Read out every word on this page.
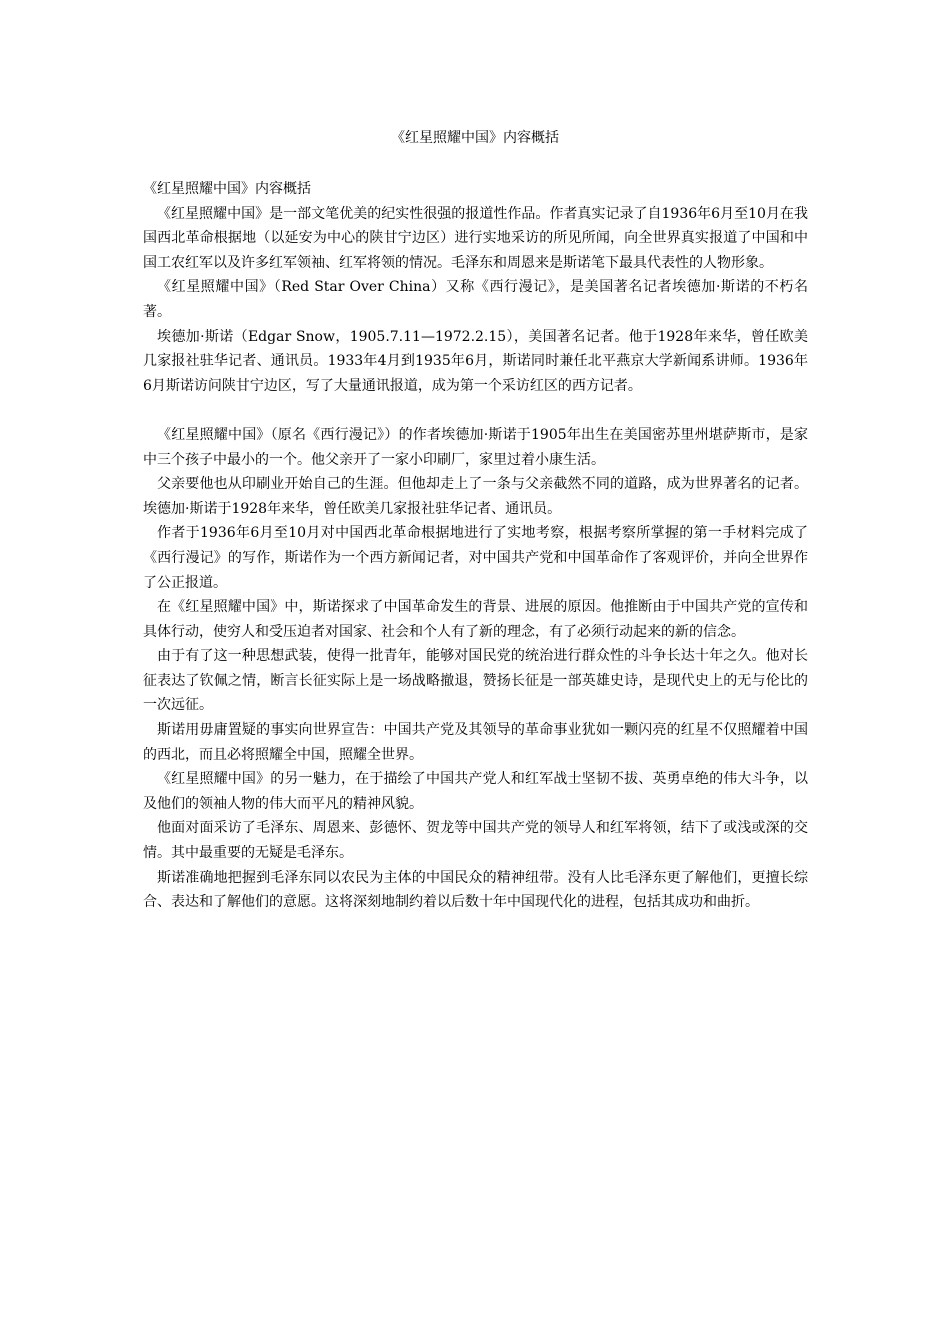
《红星照耀中国》内容概括

《红星照耀中国》内容概括

《红星照耀中国》是一部文笔优美的纪实性很强的报道性作品。作者真实记录了自1936年6月至10月在我国西北革命根据地（以延安为中心的陕甘宁边区）进行实地采访的所见所闻，向全世界真实报道了中国和中国工农红军以及许多红军领袖、红军将领的情况。毛泽东和周恩来是斯诺笔下最具代表性的人物形象。

《红星照耀中国》（Red Star Over China）又称《西行漫记》，是美国著名记者埃德加·斯诺的不朽名著。

埃德加·斯诺（Edgar Snow，1905.7.11—1972.2.15），美国著名记者。他于1928年来华，曾任欧美几家报社驻华记者、通讯员。1933年4月到1935年6月，斯诺同时兼任北平燕京大学新闻系讲师。1936年6月斯诺访问陕甘宁边区，写了大量通讯报道，成为第一个采访红区的西方记者。

《红星照耀中国》（原名《西行漫记》）的作者埃德加·斯诺于1905年出生在美国密苏里州堪萨斯市，是家中三个孩子中最小的一个。他父亲开了一家小印刷厂，家里过着小康生活。

父亲要他也从印刷业开始自己的生涯。但他却走上了一条与父亲截然不同的道路，成为世界著名的记者。埃德加·斯诺于1928年来华，曾任欧美几家报社驻华记者、通讯员。

作者于1936年6月至10月对中国西北革命根据地进行了实地考察，根据考察所掌握的第一手材料完成了《西行漫记》的写作，斯诺作为一个西方新闻记者，对中国共产党和中国革命作了客观评价，并向全世界作了公正报道。

在《红星照耀中国》中，斯诺探求了中国革命发生的背景、进展的原因。他推断由于中国共产党的宣传和具体行动，使穷人和受压迫者对国家、社会和个人有了新的理念，有了必须行动起来的新的信念。

由于有了这一种思想武装，使得一批青年，能够对国民党的统治进行群众性的斗争长达十年之久。他对长征表达了钦佩之情，断言长征实际上是一场战略撤退，赞扬长征是一部英雄史诗，是现代史上的无与伦比的一次远征。

斯诺用毋庸置疑的事实向世界宣告：中国共产党及其领导的革命事业犹如一颗闪亮的红星不仅照耀着中国的西北，而且必将照耀全中国，照耀全世界。

《红星照耀中国》的另一魅力，在于描绘了中国共产党人和红军战士坚韧不拔、英勇卓绝的伟大斗争，以及他们的领袖人物的伟大而平凡的精神风貌。

他面对面采访了毛泽东、周恩来、彭德怀、贺龙等中国共产党的领导人和红军将领，结下了或浅或深的交情。其中最重要的无疑是毛泽东。

斯诺准确地把握到毛泽东同以农民为主体的中国民众的精神纽带。没有人比毛泽东更了解他们，更擅长综合、表达和了解他们的意愿。这将深刻地制约着以后数十年中国现代化的进程，包括其成功和曲折。
